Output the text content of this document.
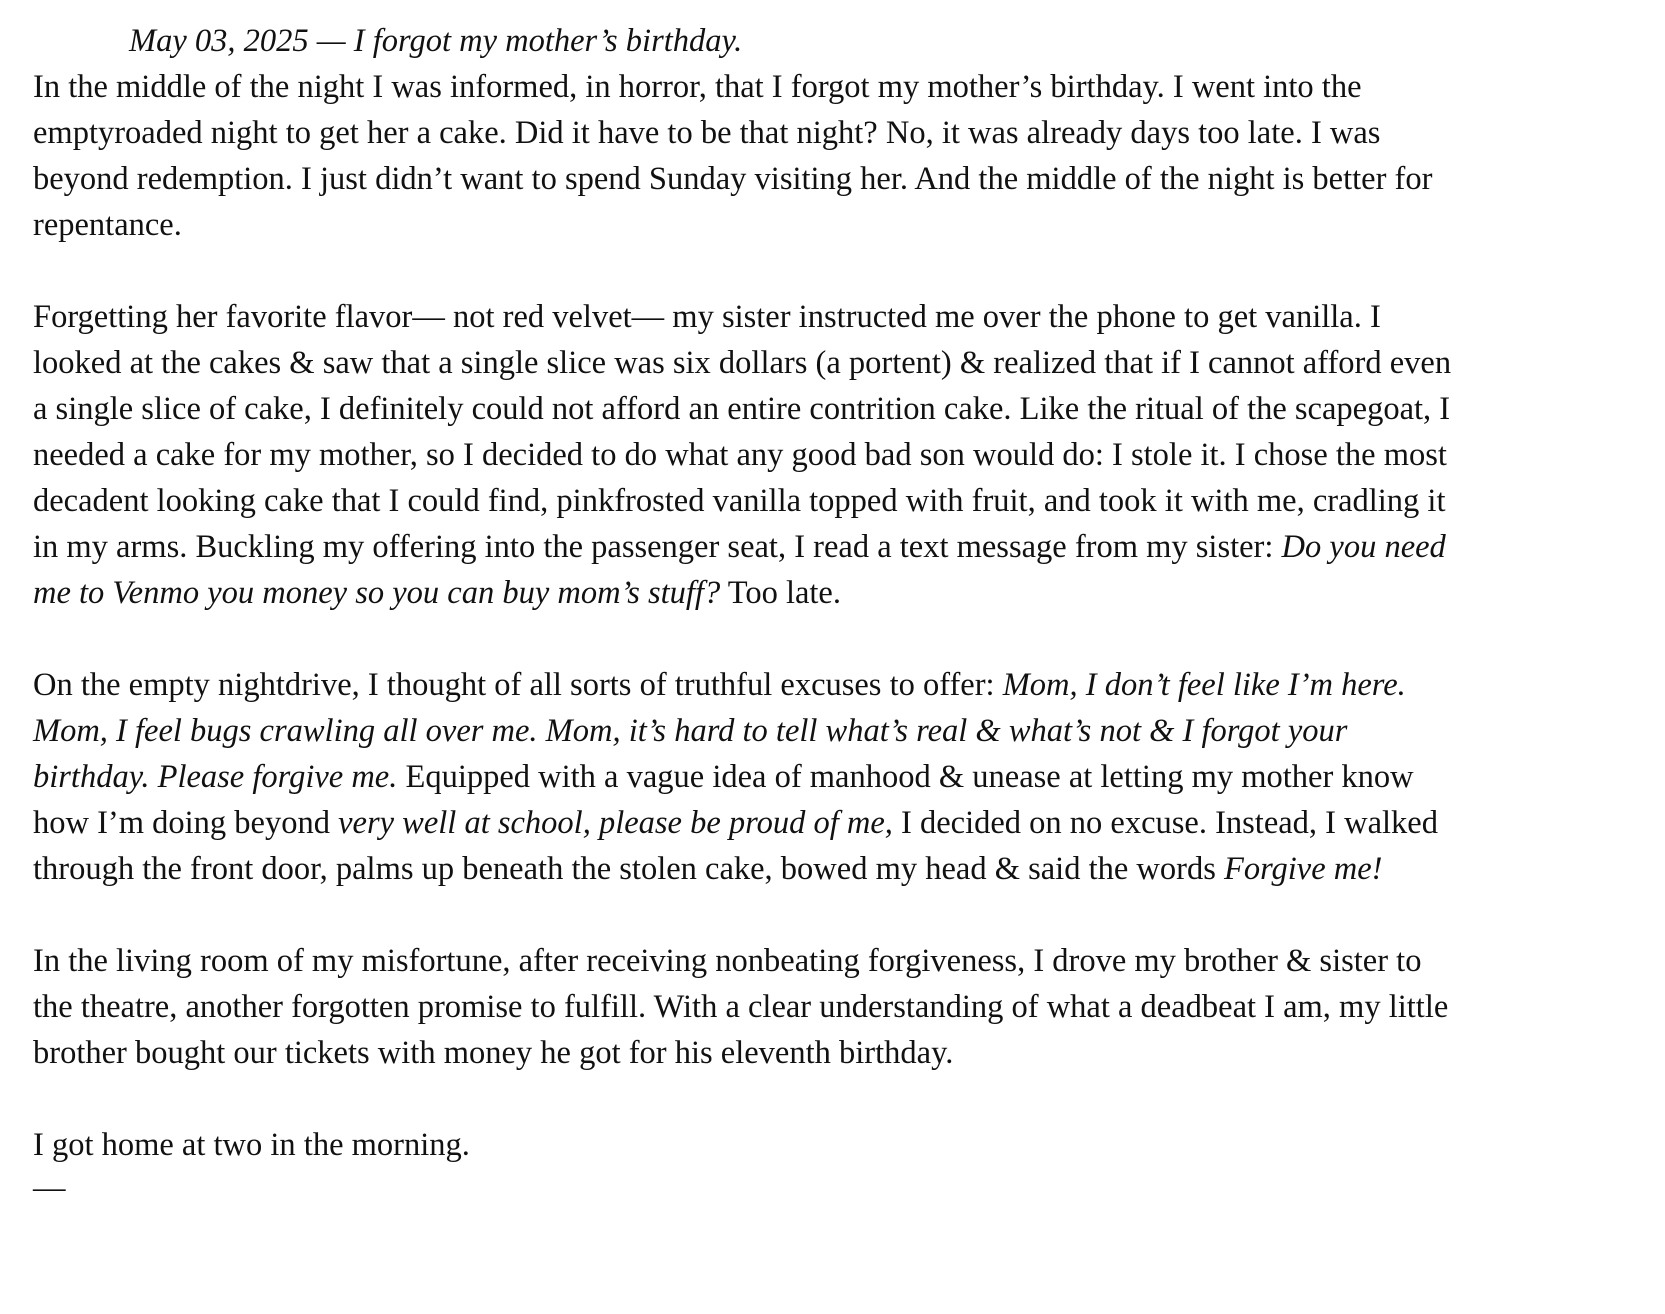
May 03, 2025 — I forgot my mother’s birthday.

In the middle of the night I was informed, in horror, that I forgot my mother’s birthday. I went into the emptyroaded night to get her a cake. Did it have to be that night? No, it was already days too late. I was beyond redemption. I just didn’t want to spend Sunday visiting her. And the middle of the night is better for repentance.

Forgetting her favorite flavor— not red velvet— my sister instructed me over the phone to get vanilla. I looked at the cakes & saw that a single slice was six dollars (a portent) & realized that if I cannot afford even a single slice of cake, I definitely could not afford an entire contrition cake. Like the ritual of the scapegoat, I needed a cake for my mother, so I decided to do what any good bad son would do: I stole it. I chose the most decadent looking cake that I could find, pinkfrosted vanilla topped with fruit, and took it with me, cradling it in my arms. Buckling my offering into the passenger seat, I read a text message from my sister: Do you need me to Venmo you money so you can buy mom’s stuff? Too late.

On the empty nightdrive, I thought of all sorts of truthful excuses to offer: Mom, I don’t feel like I’m here. Mom, I feel bugs crawling all over me. Mom, it’s hard to tell what’s real & what’s not & I forgot your birthday. Please forgive me. Equipped with a vague idea of manhood & unease at letting my mother know how I’m doing beyond very well at school, please be proud of me, I decided on no excuse. Instead, I walked through the front door, palms up beneath the stolen cake, bowed my head & said the words Forgive me!

In the living room of my misfortune, after receiving nonbeating forgiveness, I drove my brother & sister to the theatre, another forgotten promise to fulfill. With a clear understanding of what a deadbeat I am, my little brother bought our tickets with money he got for his eleventh birthday.

I got home at two in the morning.

—
